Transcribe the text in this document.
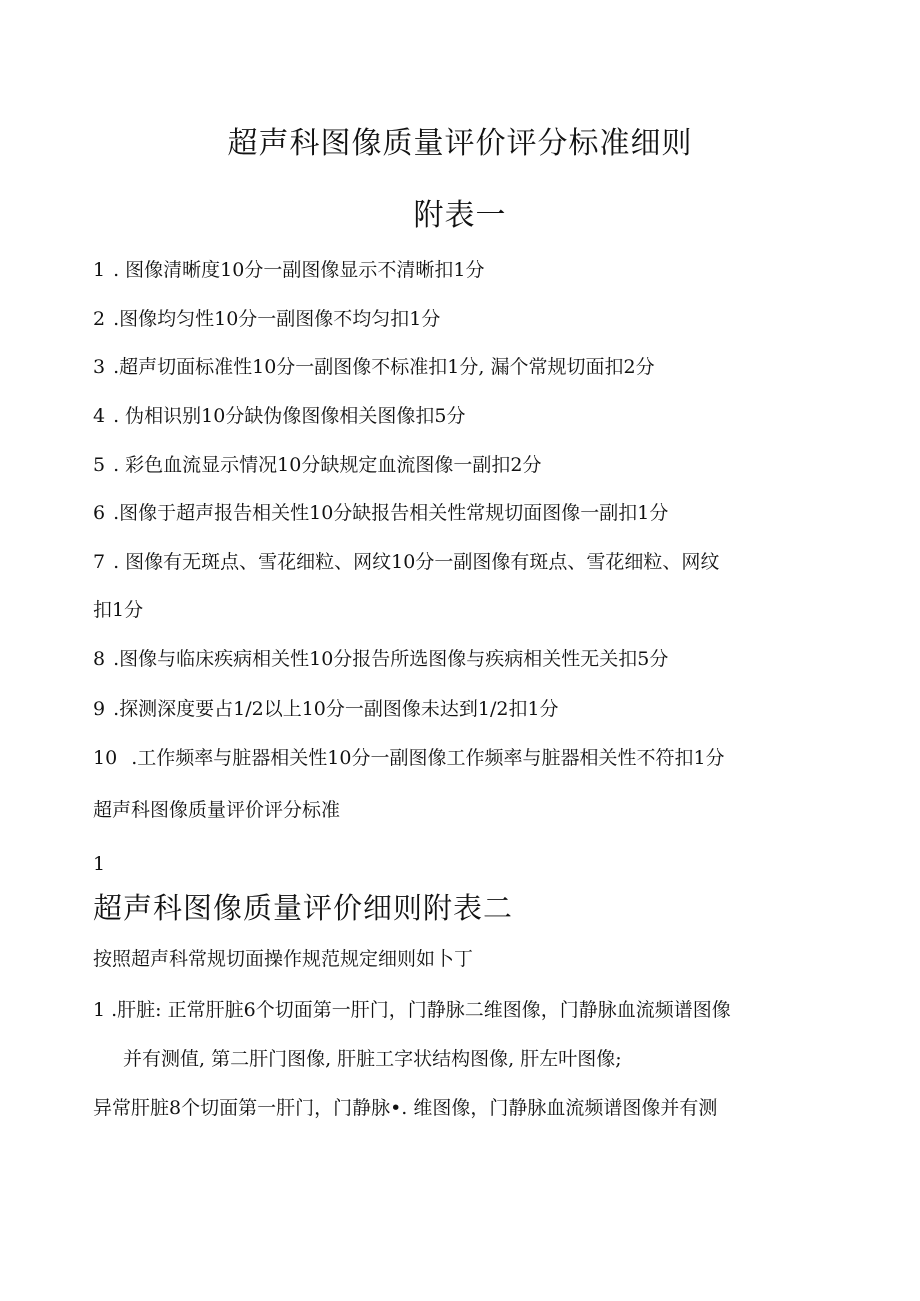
超声科图像质量评价评分标准细则
附表一
1 . 图像清晰度10分一副图像显示不清晰扣1分
2 .图像均匀性10分一副图像不均匀扣1分
3 .超声切面标准性10分一副图像不标准扣1分, 漏个常规切面扣2分
4 . 伪相识别10分缺伪像图像相关图像扣5分
5 . 彩色血流显示情况10分缺规定血流图像一副扣2分
6 .图像于超声报告相关性10分缺报告相关性常规切面图像一副扣1分
7 . 图像有无斑点、雪花细粒、网纹10分一副图像有斑点、雪花细粒、网纹
扣1分
8 .图像与临床疾病相关性10分报告所选图像与疾病相关性无关扣5分
9 .探测深度要占1/2以上10分一副图像未达到1/2扣1分
10 .工作频率与脏器相关性10分一副图像工作频率与脏器相关性不符扣1分
超声科图像质量评价评分标准
1
超声科图像质量评价细则附表二
按照超声科常规切面操作规范规定细则如卜丁
1 .肝脏: 正常肝脏6个切面第一肝门，门静脉二维图像，门静脉血流频谱图像
并有测值, 第二肝门图像, 肝脏工字状结构图像, 肝左叶图像;
异常肝脏8个切面第一肝门，门静脉•. 维图像，门静脉血流频谱图像并有测
